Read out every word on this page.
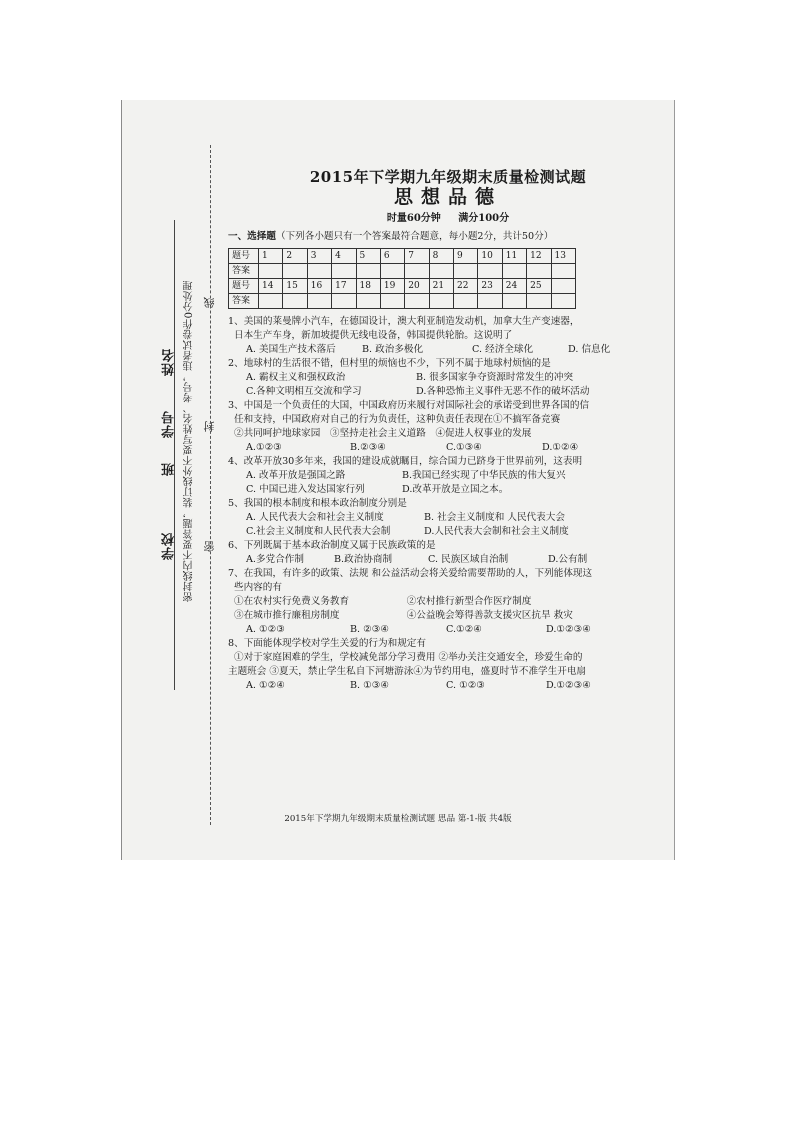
学校
班
学号
姓名 密封线内不要答题，装订线外不要写姓名、考号，违者试卷作0分处理 线
封
密
2015年下学期九年级期末质量检测试题
思想品德
时量60分钟 满分100分
一、选择题（下列各小题只有一个答案最符合题意，每小题2分，共计50分）
题号	1	2	3	4	5	6	7	8	9	10	11	12	13
答案													
题号	14	15	16	17	18	19	20	21	22	23	24	25	
答案													
1、美国的莱曼牌小汽车，在德国设计，澳大利亚制造发动机，加拿大生产变速器，
日本生产车身，新加坡提供无线电设备，韩国提供轮胎。这说明了
A. 美国生产技术落后	B. 政治多极化	C. 经济全球化	D. 信息化
2、地球村的生活很不错，但村里的烦恼也不少，下列不属于地球村烦恼的是
A. 霸权主义和强权政治	B. 很多国家争夺资源时常发生的冲突
C.各种文明相互交流和学习	D.各种恐怖主义事件无恶不作的破坏活动
3、中国是一个负责任的大国，中国政府历来履行对国际社会的承诺受到世界各国的信
任和支持，中国政府对自己的行为负责任，这种负责任表现在①不搞军备竞赛
②共同呵护地球家园　③坚持走社会主义道路　④促进人权事业的发展
A.①②③	B.②③④	C.①③④	D.①②④
4、改革开放30多年来，我国的建设成就瞩目，综合国力已跻身于世界前列，这表明
A. 改革开放是强国之路	B.我国已经实现了中华民族的伟大复兴
C. 中国已进入发达国家行列	D.改革开放是立国之本。
5、我国的根本制度和根本政治制度分别是
A. 人民代表大会和社会主义制度	B. 社会主义制度和 人民代表大会
C.社会主义制度和人民代表大会制	D.人民代表大会制和社会主义制度
6、下列既属于基本政治制度又属于民族政策的是
A.多党合作制	B.政治协商制	C. 民族区域自治制	D.公有制
7、在我国，有许多的政策、法规 和公益活动会将关爱给需要帮助的人，下列能体现这
些内容的有
①在农村实行免费义务教育　　　　　　②农村推行新型合作医疗制度
③在城市推行廉租房制度　　　　　　　④公益晚会筹得善款支援灾区抗旱 救灾
A. ①②③	B. ②③④	C.①②④	D.①②③④
8、下面能体现学校对学生关爱的行为和规定有
①对于家庭困难的学生，学校减免部分学习费用 ②举办关注交通安全，珍爱生命的
主题班会 ③夏天，禁止学生私自下河塘游泳④为节约用电，盛夏时节不准学生开电扇
A. ①②④	B. ①③④	C. ①②③	D.①②③④
2015年下学期九年级期末质量检测试题 思品 第-1-版 共4版
